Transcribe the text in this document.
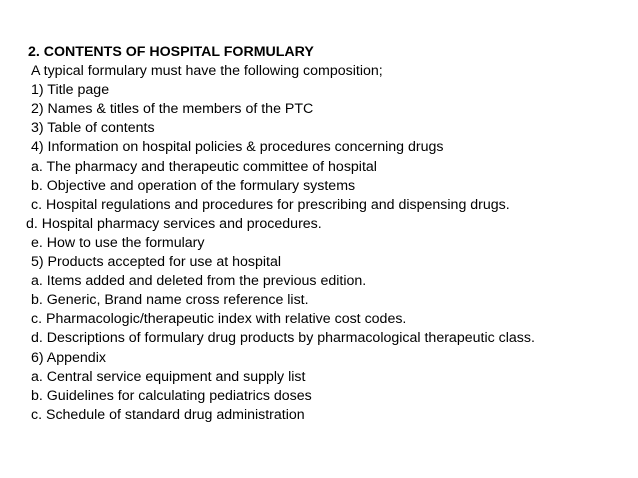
2. CONTENTS OF HOSPITAL FORMULARY
A typical formulary must have the following composition;
1) Title page
2) Names & titles of the members of the PTC
3) Table of contents
4) Information on hospital policies & procedures concerning drugs
a. The pharmacy and therapeutic committee of hospital
b. Objective and operation of the formulary systems
c. Hospital regulations and procedures for prescribing and dispensing drugs.
d. Hospital pharmacy services and procedures.
e. How to use the formulary
5) Products accepted for use at hospital
a. Items added and deleted from the previous edition.
b. Generic, Brand name cross reference list.
c. Pharmacologic/therapeutic index with relative cost codes.
d. Descriptions of formulary drug products by pharmacological therapeutic class.
6) Appendix
a. Central service equipment and supply list
b. Guidelines for calculating pediatrics doses
c. Schedule of standard drug administration
